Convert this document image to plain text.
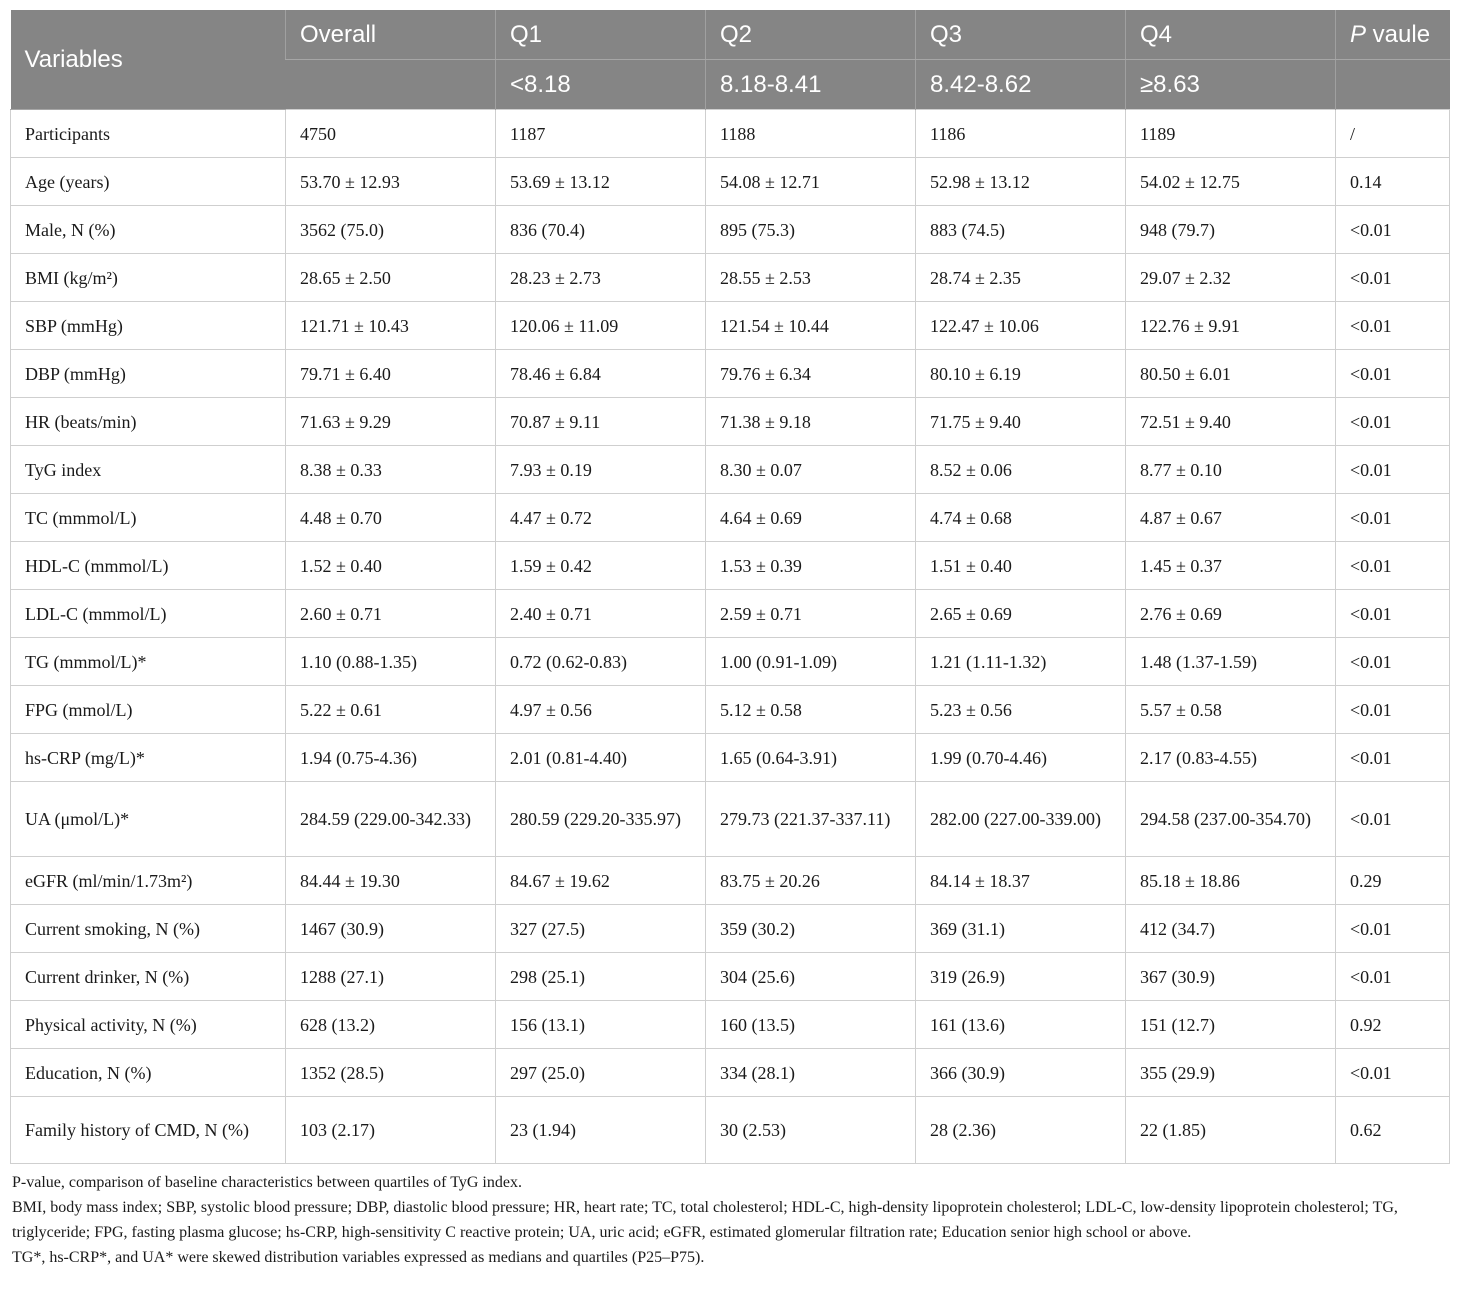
Variables	Overall	Q1	Q2	Q3	Q4	P vaule
		<8.18	8.18-8.41	8.42-8.62	≥8.63	
Participants	4750	1187	1188	1186	1189	/
Age (years)	53.70 ± 12.93	53.69 ± 13.12	54.08 ± 12.71	52.98 ± 13.12	54.02 ± 12.75	0.14
Male, N (%)	3562 (75.0)	836 (70.4)	895 (75.3)	883 (74.5)	948 (79.7)	<0.01
BMI (kg/m²)	28.65 ± 2.50	28.23 ± 2.73	28.55 ± 2.53	28.74 ± 2.35	29.07 ± 2.32	<0.01
SBP (mmHg)	121.71 ± 10.43	120.06 ± 11.09	121.54 ± 10.44	122.47 ± 10.06	122.76 ± 9.91	<0.01
DBP (mmHg)	79.71 ± 6.40	78.46 ± 6.84	79.76 ± 6.34	80.10 ± 6.19	80.50 ± 6.01	<0.01
HR (beats/min)	71.63 ± 9.29	70.87 ± 9.11	71.38 ± 9.18	71.75 ± 9.40	72.51 ± 9.40	<0.01
TyG index	8.38 ± 0.33	7.93 ± 0.19	8.30 ± 0.07	8.52 ± 0.06	8.77 ± 0.10	<0.01
TC (mmmol/L)	4.48 ± 0.70	4.47 ± 0.72	4.64 ± 0.69	4.74 ± 0.68	4.87 ± 0.67	<0.01
HDL-C (mmmol/L)	1.52 ± 0.40	1.59 ± 0.42	1.53 ± 0.39	1.51 ± 0.40	1.45 ± 0.37	<0.01
LDL-C (mmmol/L)	2.60 ± 0.71	2.40 ± 0.71	2.59 ± 0.71	2.65 ± 0.69	2.76 ± 0.69	<0.01
TG (mmmol/L)*	1.10 (0.88-1.35)	0.72 (0.62-0.83)	1.00 (0.91-1.09)	1.21 (1.11-1.32)	1.48 (1.37-1.59)	<0.01
FPG (mmol/L)	5.22 ± 0.61	4.97 ± 0.56	5.12 ± 0.58	5.23 ± 0.56	5.57 ± 0.58	<0.01
hs-CRP (mg/L)*	1.94 (0.75-4.36)	2.01 (0.81-4.40)	1.65 (0.64-3.91)	1.99 (0.70-4.46)	2.17 (0.83-4.55)	<0.01
UA (μmol/L)*	284.59 (229.00-342.33)	280.59 (229.20-335.97)	279.73 (221.37-337.11)	282.00 (227.00-339.00)	294.58 (237.00-354.70)	<0.01
eGFR (ml/min/1.73m²)	84.44 ± 19.30	84.67 ± 19.62	83.75 ± 20.26	84.14 ± 18.37	85.18 ± 18.86	0.29
Current smoking, N (%)	1467 (30.9)	327 (27.5)	359 (30.2)	369 (31.1)	412 (34.7)	<0.01
Current drinker, N (%)	1288 (27.1)	298 (25.1)	304 (25.6)	319 (26.9)	367 (30.9)	<0.01
Physical activity, N (%)	628 (13.2)	156 (13.1)	160 (13.5)	161 (13.6)	151 (12.7)	0.92
Education, N (%)	1352 (28.5)	297 (25.0)	334 (28.1)	366 (30.9)	355 (29.9)	<0.01
Family history of CMD, N (%)	103 (2.17)	23 (1.94)	30 (2.53)	28 (2.36)	22 (1.85)	0.62

P-value, comparison of baseline characteristics between quartiles of TyG index.

BMI, body mass index; SBP, systolic blood pressure; DBP, diastolic blood pressure; HR, heart rate; TC, total cholesterol; HDL-C, high-density lipoprotein cholesterol; LDL-C, low-density lipoprotein cholesterol; TG, triglyceride; FPG, fasting plasma glucose; hs-CRP, high-sensitivity C reactive protein; UA, uric acid; eGFR, estimated glomerular filtration rate; Education senior high school or above.

TG*, hs-CRP*, and UA* were skewed distribution variables expressed as medians and quartiles (P25–P75).
